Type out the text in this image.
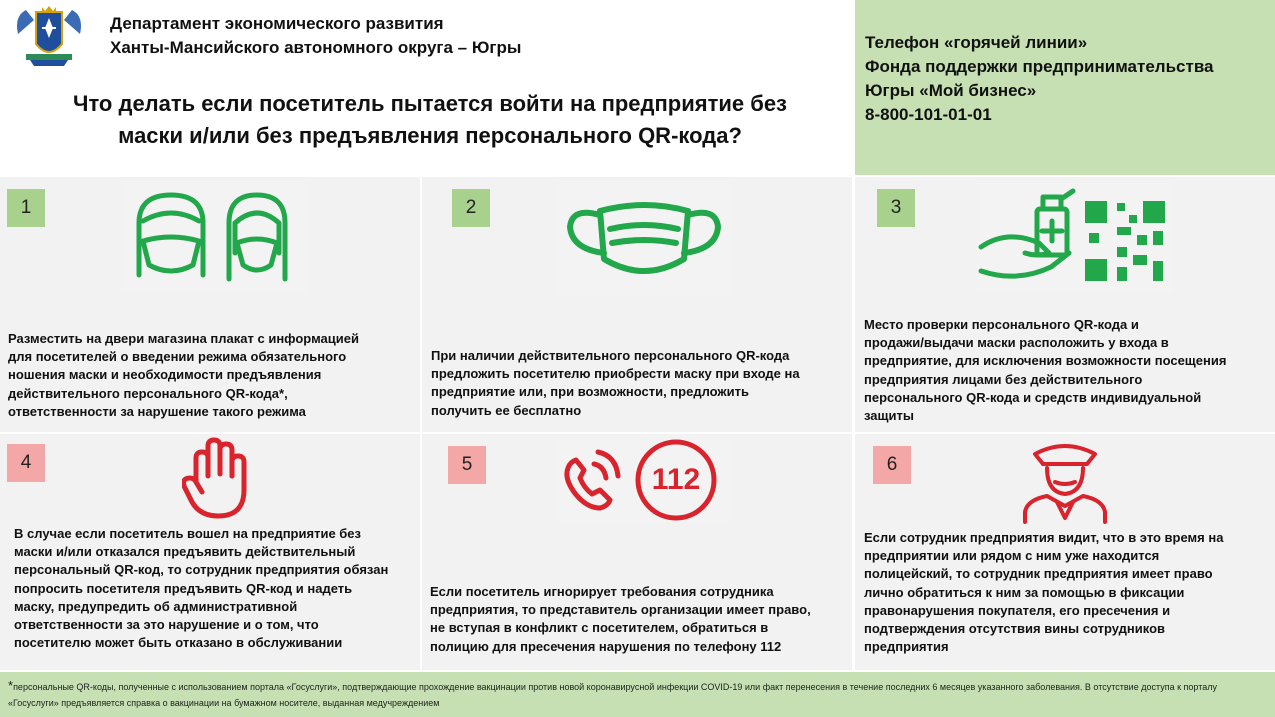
Департамент экономического развития
Ханты-Мансийского автономного округа – Югры
Что делать если посетитель пытается войти на предприятие без
маски и/или без предъявления персонального QR-кода?
Телефон «горячей линии»
Фонда поддержки предпринимательства
Югры «Мой бизнес»
8-800-101-01-01
1
Разместить на двери магазина плакат с информацией
для посетителей о введении режима обязательного
ношения маски и необходимости предъявления
действительного персонального QR-кода*,
ответственности за нарушение такого режима
2
При наличии действительного персонального QR-кода
предложить посетителю приобрести маску при входе на
предприятие или, при возможности, предложить
получить ее бесплатно
3
Место проверки персонального QR-кода и
продажи/выдачи маски расположить у входа в
предприятие, для исключения возможности посещения
предприятия лицами без действительного
персонального QR-кода и средств индивидуальной
защиты
4
В случае если посетитель вошел на предприятие без
маски и/или отказался предъявить действительный
персональный QR-код, то сотрудник предприятия обязан
попросить посетителя предъявить QR-код и надеть
маску, предупредить об административной
ответственности за это нарушение и о том, что
посетителю может быть отказано в обслуживании
5	112
Если посетитель игнорирует требования сотрудника
предприятия, то представитель организации имеет право,
не вступая в конфликт с посетителем, обратиться в
полицию для пресечения нарушения по телефону 112
6
Если сотрудник предприятия видит, что в это время на
предприятии или рядом с ним уже находится
полицейский, то сотрудник предприятия имеет право
лично обратиться к ним за помощью в фиксации
правонарушения покупателя, его пресечения и
подтверждения отсутствия вины сотрудников
предприятия
*персональные QR-коды, полученные с использованием портала «Госуслуги», подтверждающие прохождение вакцинации против новой коронавирусной инфекции COVID-19 или факт перенесения в течение последних 6 месяцев указанного заболевания. В отсутствие доступа к порталу «Госуслуги» предъявляется справка о вакцинации на бумажном носителе, выданная медучреждением
